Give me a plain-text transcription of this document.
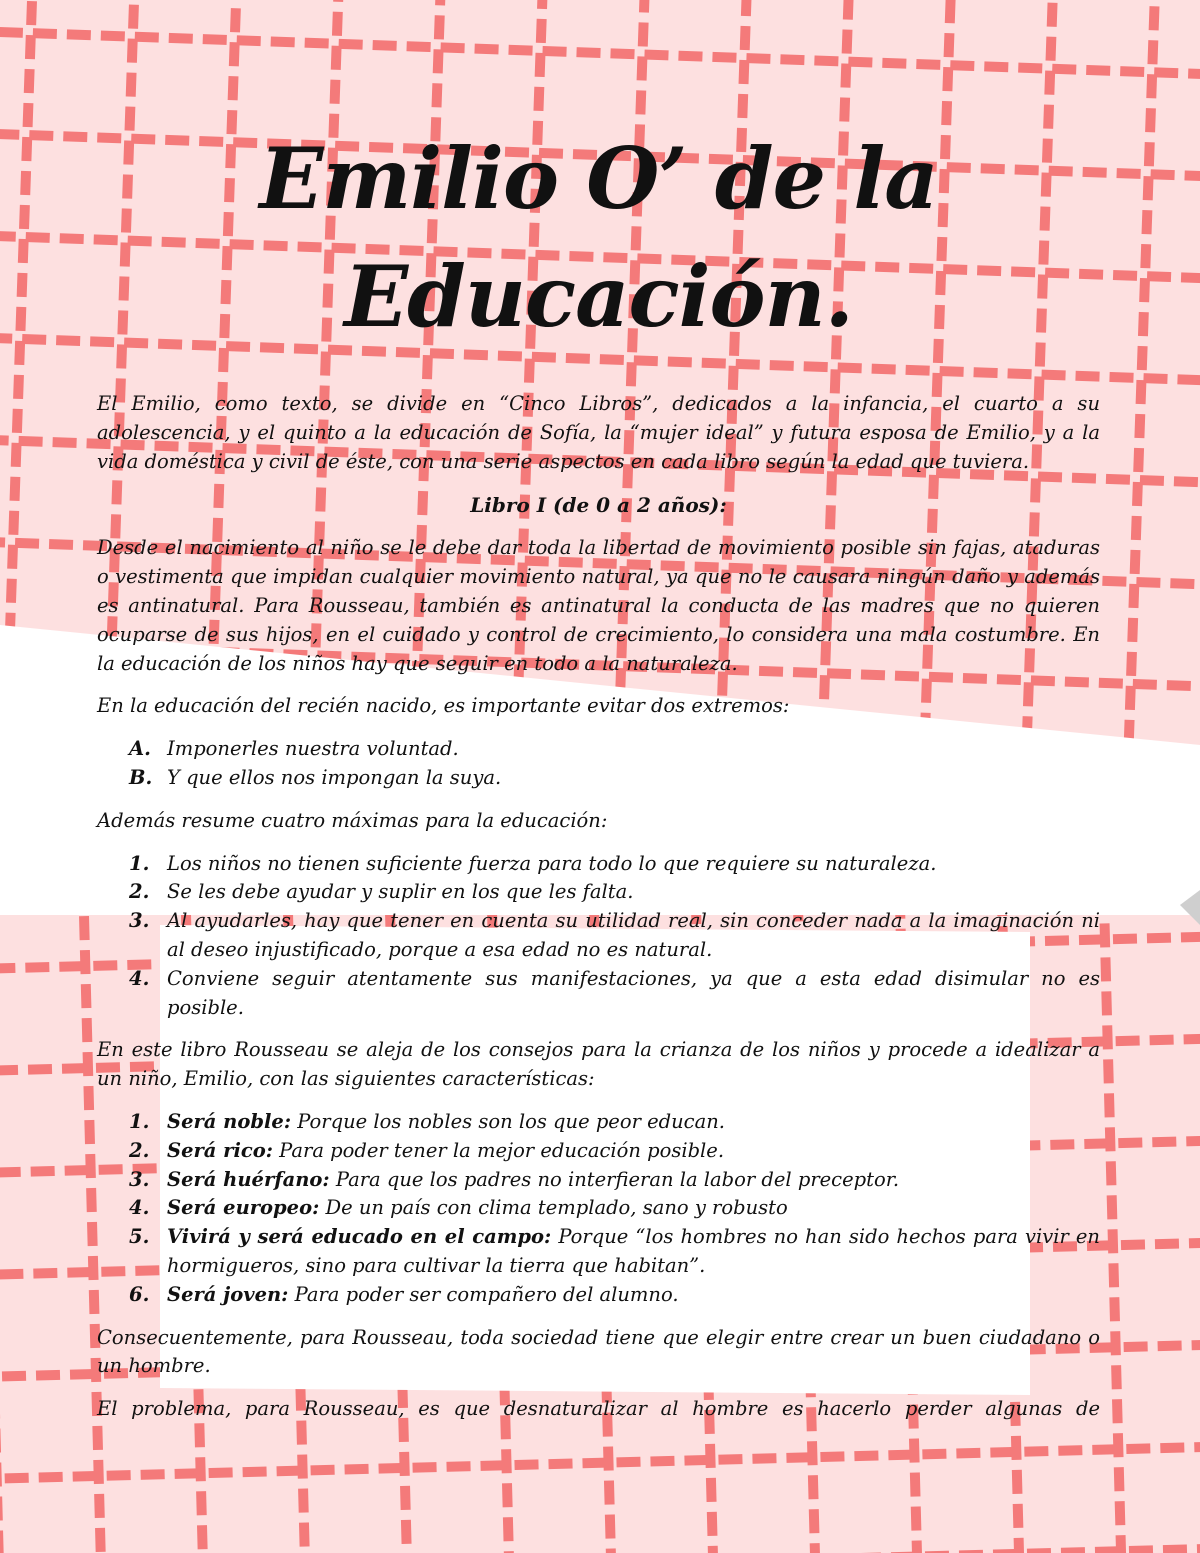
Emilio O’ de la
Educación.

El Emilio, como texto, se divide en “Cinco Libros”, dedicados a la infancia, el cuarto a su adolescencia, y el quinto a la educación de Sofía, la “mujer ideal” y futura esposa de Emilio, y a la vida doméstica y civil de éste, con una serie aspectos en cada libro según la edad que tuviera.

Libro I (de 0 a 2 años):

Desde el nacimiento al niño se le debe dar toda la libertad de movimiento posible sin fajas, ataduras o vestimenta que impidan cualquier movimiento natural, ya que no le causara ningún daño y además es antinatural. Para Rousseau, también es antinatural la conducta de las madres que no quieren ocuparse de sus hijos, en el cuidado y control de crecimiento, lo considera una mala costumbre. En la educación de los niños hay que seguir en todo a la naturaleza.

En la educación del recién nacido, es importante evitar dos extremos:

A. Imponerles nuestra voluntad.
B. Y que ellos nos impongan la suya.

Además resume cuatro máximas para la educación:

1. Los niños no tienen suficiente fuerza para todo lo que requiere su naturaleza.
2. Se les debe ayudar y suplir en los que les falta.
3. Al ayudarles, hay que tener en cuenta su utilidad real, sin conceder nada a la imaginación ni al deseo injustificado, porque a esa edad no es natural.
4. Conviene seguir atentamente sus manifestaciones, ya que a esta edad disimular no es posible.

En este libro Rousseau se aleja de los consejos para la crianza de los niños y procede a idealizar a un niño, Emilio, con las siguientes características:

1. Será noble: Porque los nobles son los que peor educan.
2. Será rico: Para poder tener la mejor educación posible.
3. Será huérfano: Para que los padres no interfieran la labor del preceptor.
4. Será europeo: De un país con clima templado, sano y robusto
5. Vivirá y será educado en el campo: Porque “los hombres no han sido hechos para vivir en hormigueros, sino para cultivar la tierra que habitan”.
6. Será joven: Para poder ser compañero del alumno.

Consecuentemente, para Rousseau, toda sociedad tiene que elegir entre crear un buen ciudadano o un hombre.

El problema, para Rousseau, es que desnaturalizar al hombre es hacerlo perder algunas de
